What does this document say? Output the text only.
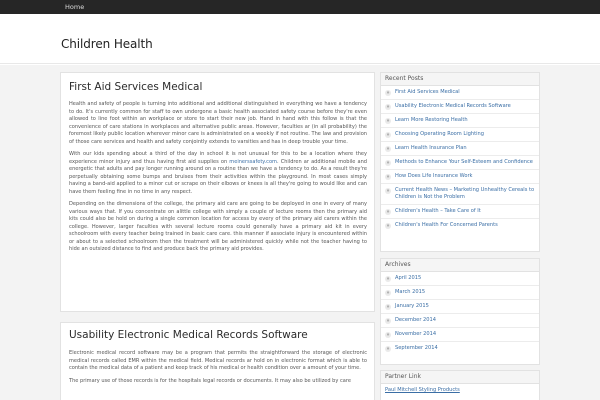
Home
Children Health
First Aid Services Medical

Health and safety of people is turning into additional and additional distinguished in everything we have a tendency to do. It's currently common for staff to own undergone a basic health associated safety course before they're even allowed to line foot within an workplace or store to start their new job. Hand in hand with this follow is that the convenience of care stations in workplaces and alternative public areas. However, faculties ar (in all probability) the foremost likely public location wherever minor care is administrated on a weekly if not routine. The law and provision of those care services and health and safety conjointly extends to varsities and has in deep trouble your time.

With our kids spending about a third of the day in school it is not unusual for this to be a location where they experience minor injury and thus having first aid supplies on meinerssafety.com. Children ar additional mobile and energetic that adults and pay longer running around on a routine than we have a tendency to do. As a result they're perpetually obtaining some bumps and bruises from their activities within the playground. In most cases simply having a band-aid applied to a minor cut or scrape on their elbows or knees is all they're going to would like and can have them feeling fine in no time in any respect.

Depending on the dimensions of the college, the primary aid care are going to be deployed in one in every of many various ways that. If you concentrate on alittle college with simply a couple of lecture rooms then the primary aid kits could also be hold on during a single common location for access by every of the primary aid carers within the college. However, larger faculties with several lecture rooms could generally have a primary aid kit in every schoolroom with every teacher being trained in basic care care. this manner if associate injury is encountered within or about to a selected schoolroom then the treatment will be administered quickly while not the teacher having to hide an outsized distance to find and produce back the primary aid provides.

Usability Electronic Medical Records Software

Electronic medical record software may be a program that permits the straightforward the storage of electronic medical records called EMR within the medical field. Medical records ar hold on in electronic format which is able to contain the medical data of a patient and keep track of his medical or health condition over a amount of your time.

The primary use of those records is for the hospitals legal records or documents. It may also be utilized by care

Recent Posts
» First Aid Services Medical
» Usability Electronic Medical Records Software
» Learn More Restoring Health
» Choosing Operating Room Lighting
» Learn Health Insurance Plan
» Methods to Enhance Your Self-Esteem and Confidence
» How Does Life Insurance Work
» Current Health News – Marketing Unhealthy Cereals to Children is Not the Problem
» Children's Health – Take Care of It
» Children's Health For Concerned Parents
Archives
» April 2015
» March 2015
» January 2015
» December 2014
» November 2014
» September 2014
Partner Link
Paul Mitchell Styling Products
